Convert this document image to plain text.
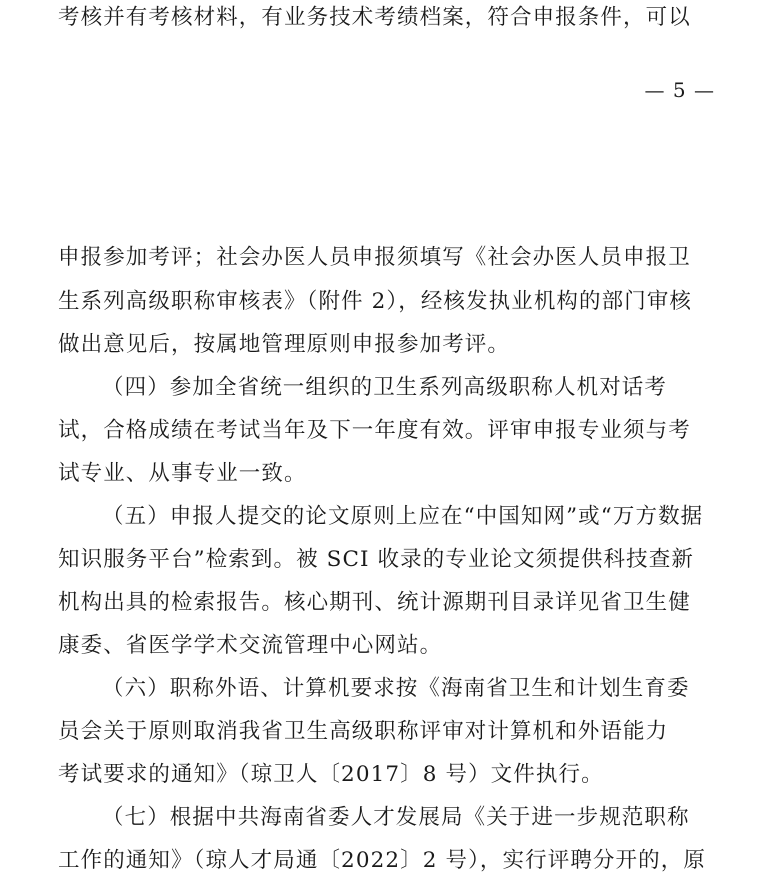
考核并有考核材料，有业务技术考绩档案，符合申报条件，可以
— 5 —
申报参加考评；社会办医人员申报须填写《社会办医人员申报卫
生系列高级职称审核表》（附件 2），经核发执业机构的部门审核
做出意见后，按属地管理原则申报参加考评。
（四）参加全省统一组织的卫生系列高级职称人机对话考
试，合格成绩在考试当年及下一年度有效。评审申报专业须与考
试专业、从事专业一致。
（五）申报人提交的论文原则上应在“中国知网”或“万方数据
知识服务平台”检索到。被 SCI 收录的专业论文须提供科技查新
机构出具的检索报告。核心期刊、统计源期刊目录详见省卫生健
康委、省医学学术交流管理中心网站。
（六）职称外语、计算机要求按《海南省卫生和计划生育委
员会关于原则取消我省卫生高级职称评审对计算机和外语能力
考试要求的通知》（琼卫人〔2017〕8 号）文件执行。
（七）根据中共海南省委人才发展局《关于进一步规范职称
工作的通知》（琼人才局通〔2022〕2 号），实行评聘分开的，原
